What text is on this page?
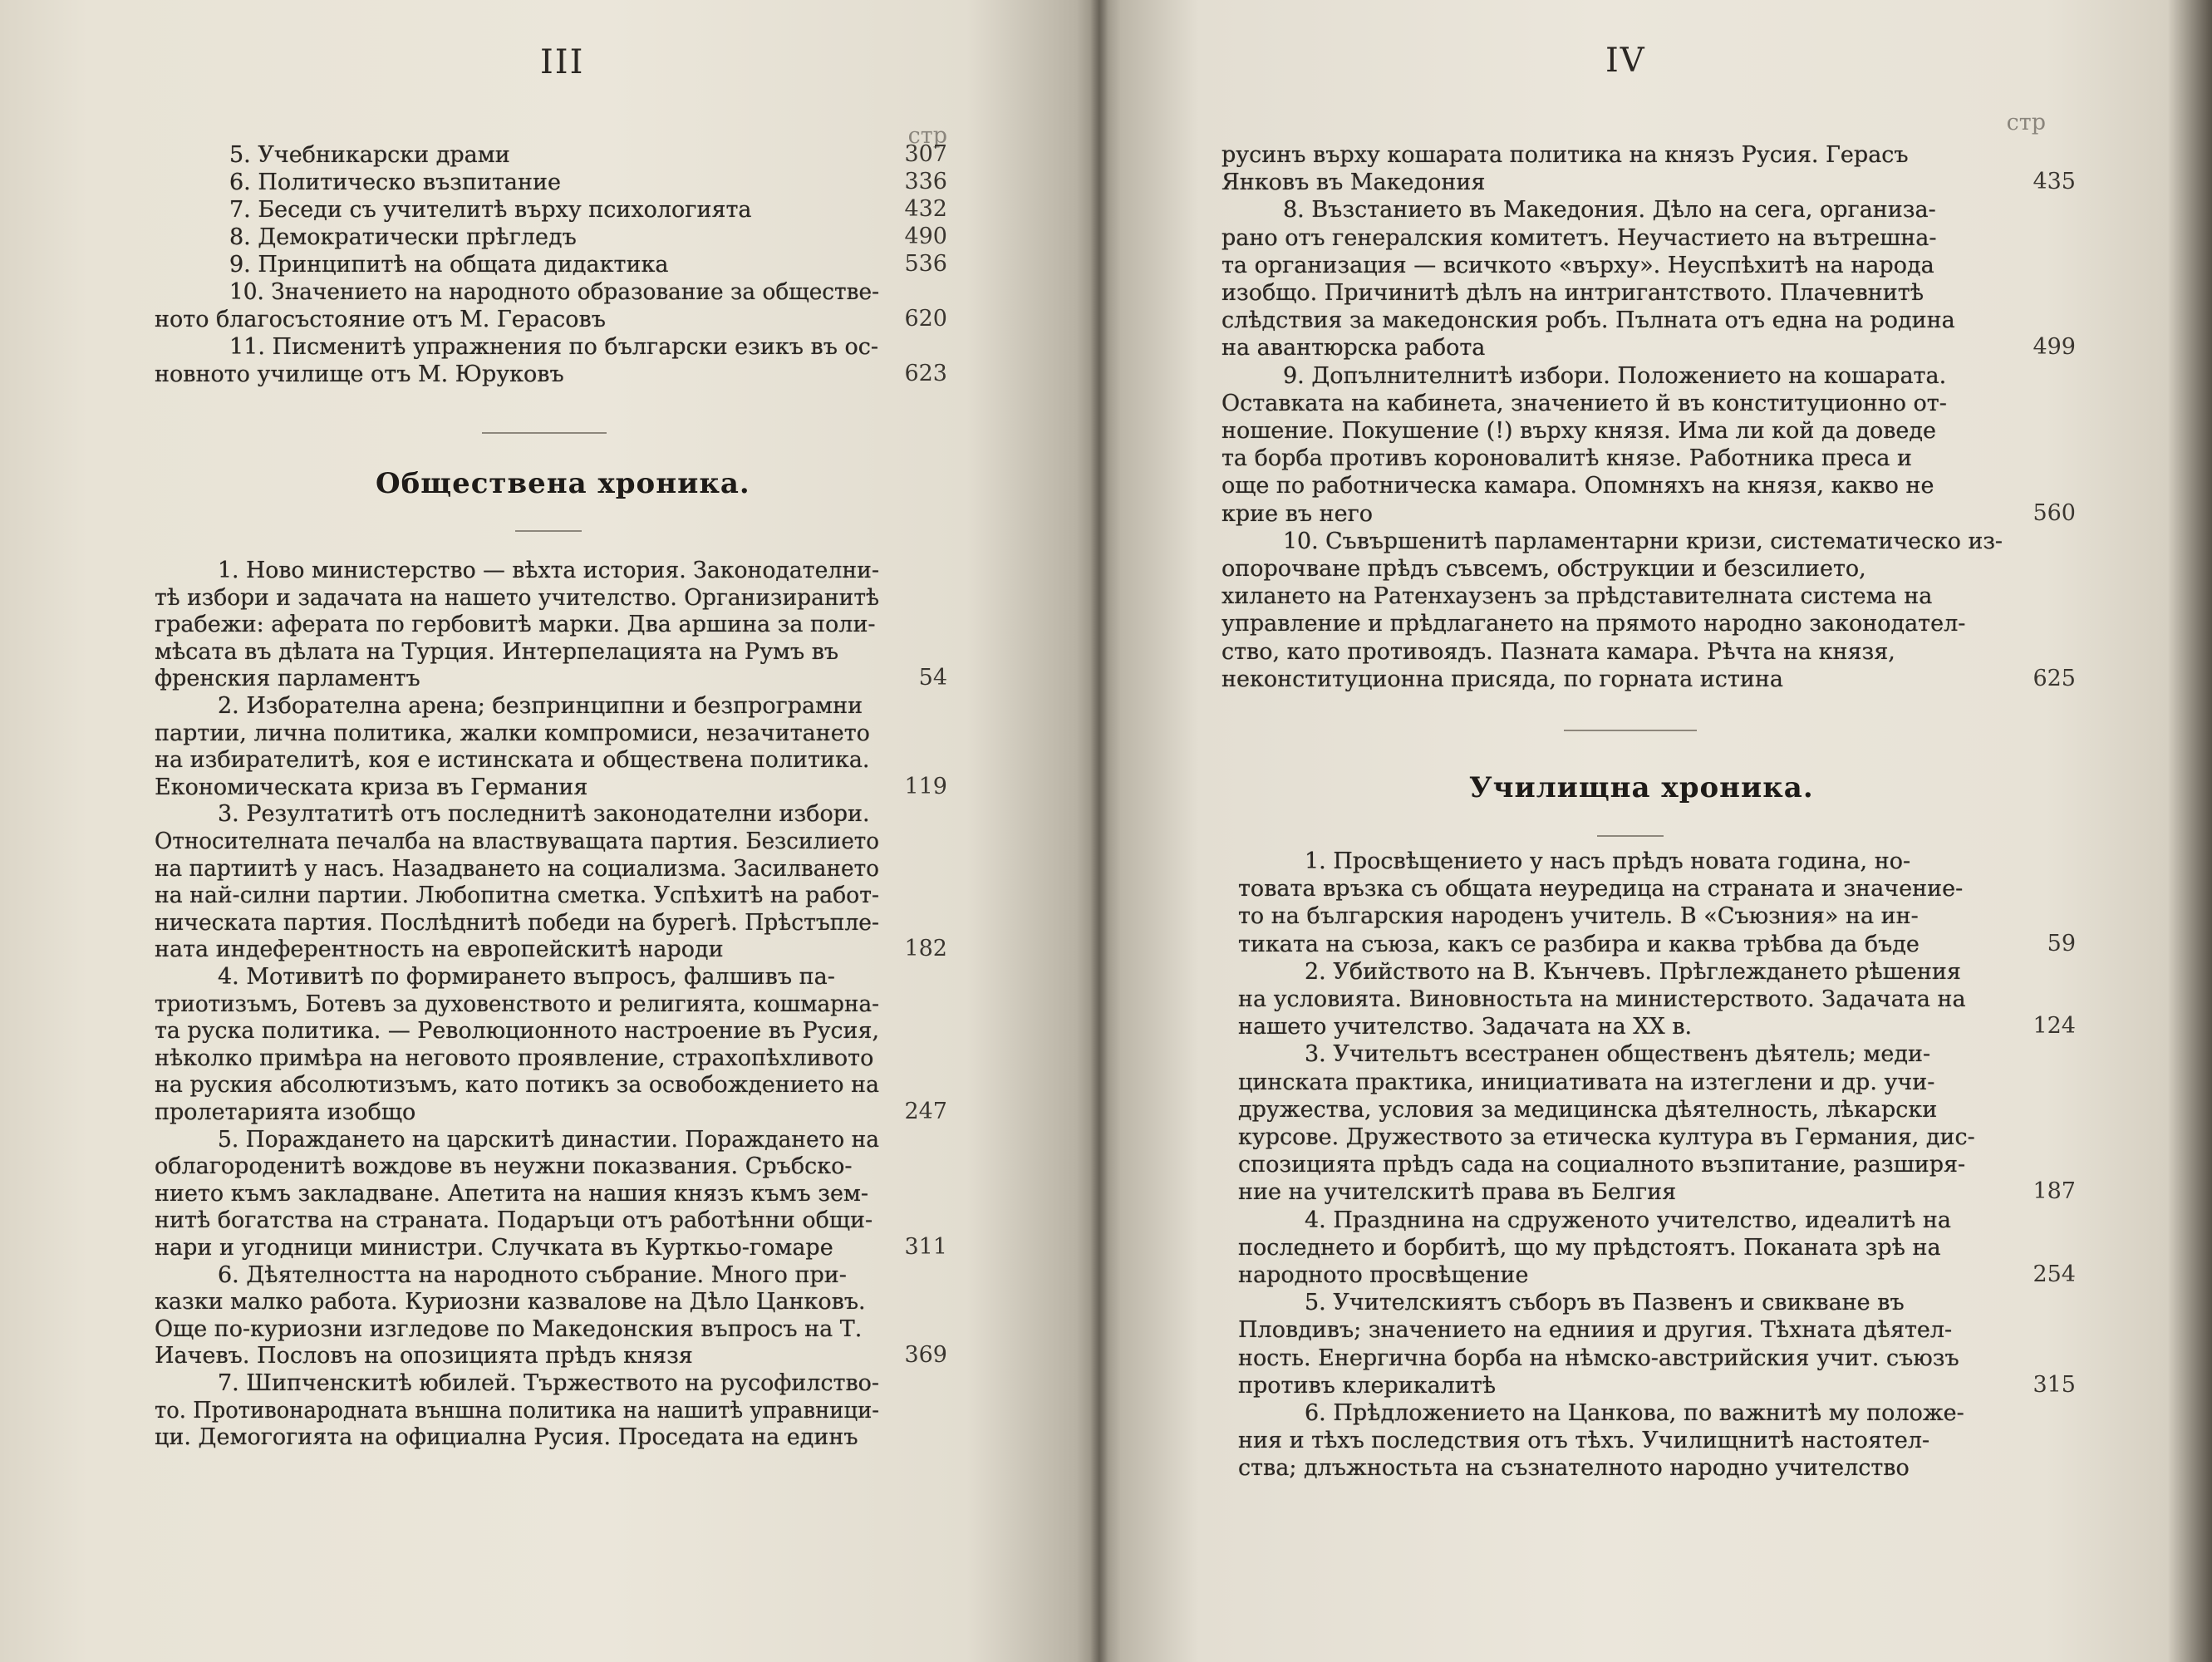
III
стр
5. Учебникарски драми	307
6. Политическо възпитание	336
7. Беседи съ учителитѣ върху психологията	432
8. Демократически прѣгледъ	490
9. Принципитѣ на общата дидактика	536
10. Значението на народното образование за обществе-
ното благосъстояние отъ М. Герасовъ	620
11. Писменитѣ упражнения по български езикъ въ ос-
новното училище отъ М. Юруковъ	623
Обществена хроника.
1. Ново министерство — вѣхта история. Законодателни-
тѣ избори и задачата на нашето учителство. Организиранитѣ
грабежи: аферата по гербовитѣ марки. Два аршина за поли-
мѣсата въ дѣлата на Турция. Интерпелацията на Румъ въ
френския парламентъ	54
2. Изборателна арена; безпринципни и безпрограмни
партии, лична политика, жалки компромиси, незачитането
на избирателитѣ, коя е истинската и обществена политика.
Економическата криза въ Германия	119
3. Резултатитѣ отъ последнитѣ законодателни избори.
Относителната печалба на властвуващата партия. Безсилието
на партиитѣ у насъ. Назадването на социализма. Засилването
на най-силни партии. Любопитна сметка. Успѣхитѣ на работ-
ническата партия. Послѣднитѣ победи на бурегѣ. Прѣстъпле-
ната индеферентность на европейскитѣ народи	182
4. Мотивитѣ по формирането въпросъ, фалшивъ па-
триотизъмъ, Ботевъ за духовенството и религията, кошмарна-
та руска политика. — Революционното настроение въ Русия,
нѣколко примѣра на неговото проявление, страхопѣхливото
на руския абсолютизъмъ, като потикъ за освобождението на
пролетарията изобщо	247
5. Пораждането на царскитѣ династии. Пораждането на
облагороденитѣ вождове въ неужни показвания. Сръбско-
нието къмъ закладване. Апетита на нашия князъ къмъ зем-
нитѣ богатства на страната. Подаръци отъ работѣнни общи-
нари и угодници министри. Случката въ Курткьо-гомаре	311
6. Дѣятелността на народното събрание. Много при-
казки малко работа. Куриозни казвалове на Дѣло Цанковъ.
Още по-куриозни изгледове по Македонския въпросъ на Т.
Иачевъ. Пословъ на опозицията прѣдъ князя	369
7. Шипченскитѣ юбилей. Тържеството на русофилство-
то. Противонародната външна политика на нашитѣ управници-
ци. Демогогията на официална Русия. Проседата на единъ
IV
стр
русинъ върху кошарата политика на князъ Русия. Герасъ
Янковъ въ Македония	435
8. Възстанието въ Македония. Дѣло на сега, организа-
рано отъ генералския комитетъ. Неучастието на вътрешна-
та организация — всичкото «върху». Неуспѣхитѣ на народа
изобщо. Причинитѣ дѣлъ на интригантството. Плачевнитѣ
слѣдствия за македонския робъ. Пълната отъ една на родина
на авантюрска работа	499
9. Допълнителнитѣ избори. Положението на кошарата.
Оставката на кабинета, значението й въ конституционно от-
ношение. Покушение (!) върху князя. Има ли кой да доведе
та борба противъ короновалитѣ князе. Работника преса и
още по работническа камара. Опомняхъ на князя, какво не
крие въ него	560
10. Съвършенитѣ парламентарни кризи, систематическо из-
опорочване прѣдъ съвсемъ, обструкции и безсилието,
хилането на Ратенхаузенъ за прѣдставителната система на
управление и прѣдлагането на прямото народно законодател-
ство, като противоядъ. Пазната камара. Рѣчта на князя,
неконституционна присяда, по горната истина	625
Училищна хроника.
1. Просвѣщението у насъ прѣдъ новата година, но-
товата връзка съ общата неуредица на страната и значение-
то на българския народенъ учитель. В «Съюзния» на ин-
тиката на съюза, какъ се разбира и каква трѣбва да бъде	59
2. Убийството на В. Кънчевъ. Прѣглеждането рѣшения
на условията. Виновностьта на министерството. Задачата на
нашето учителство. Задачата на XX в.	124
3. Учительтъ всестранен общественъ дѣятель; меди-
цинската практика, инициативата на изтеглени и др. учи-
дружества, условия за медицинска дѣятелность, лѣкарски
курсове. Дружеството за етическа култура въ Германия, дис-
спозицията прѣдъ сада на социалното възпитание, разширя-
ние на учителскитѣ права въ Белгия	187
4. Празднина на сдруженото учителство, идеалитѣ на
последнето и борбитѣ, що му прѣдстоятъ. Поканата зрѣ на
народното просвѣщение	254
5. Учителскиятъ съборъ въ Пазвенъ и свикване въ
Пловдивъ; значението на едниия и другия. Тѣхната дѣятел-
ность. Енергична борба на нѣмско-австрийския учит. съюзъ
противъ клерикалитѣ	315
6. Прѣдложението на Цанкова, по важнитѣ му положе-
ния и тѣхъ последствия отъ тѣхъ. Училищнитѣ настоятел-
ства; длъжностьта на съзнателното народно учителство
